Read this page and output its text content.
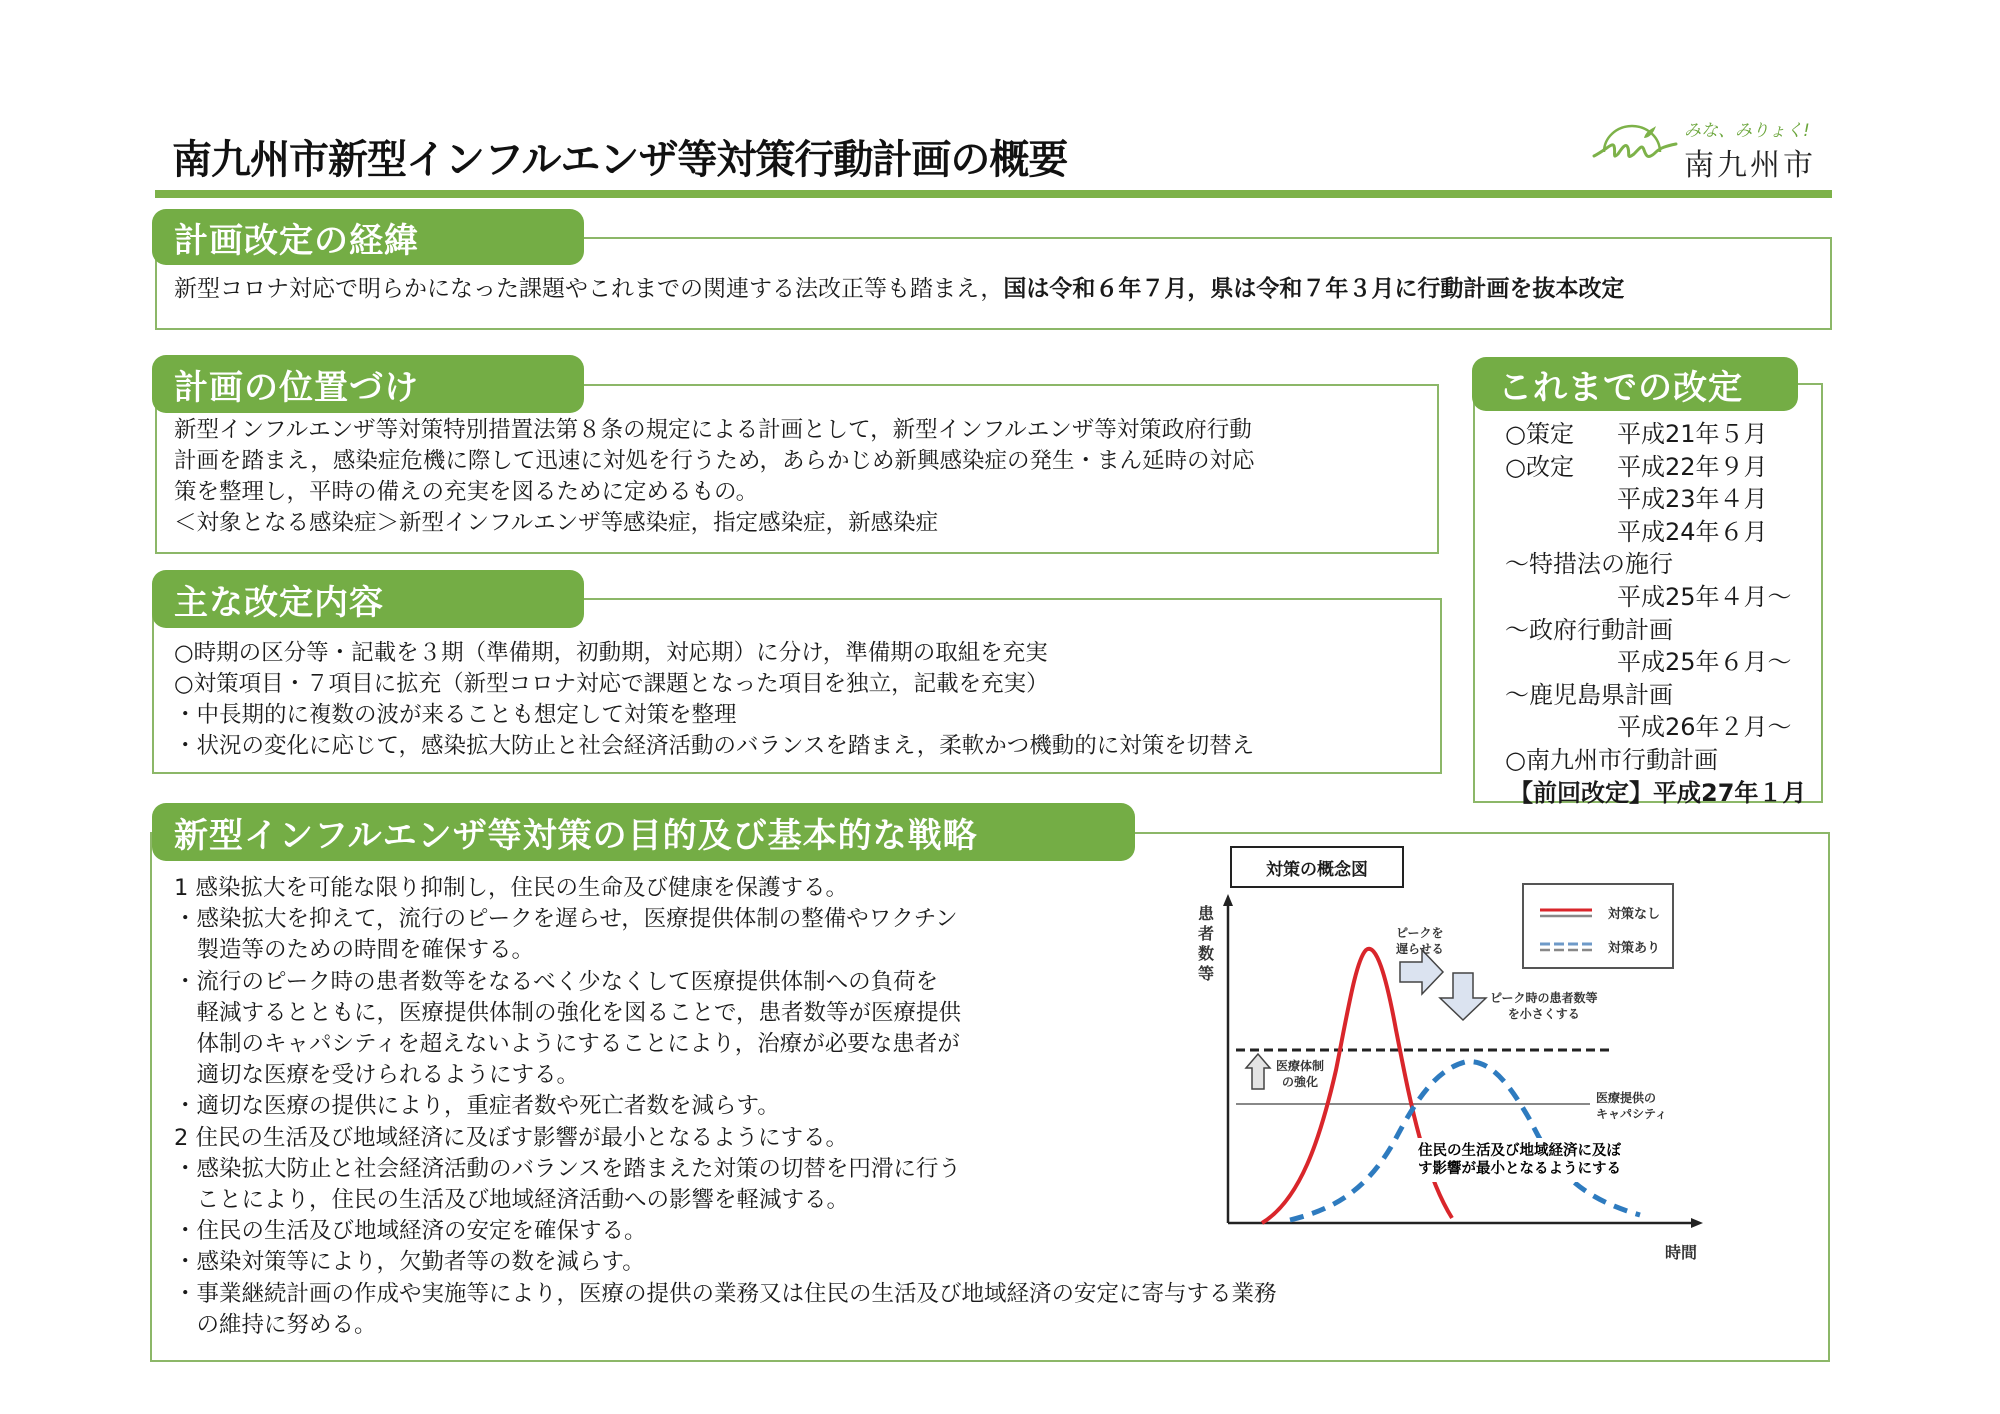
南九州市新型インフルエンザ等対策行動計画の概要
みな、みりょく!
南九州市
計画改定の経緯
新型コロナ対応で明らかになった課題やこれまでの関連する法改正等も踏まえ，国は令和６年７月，県は令和７年３月に行動計画を抜本改定
計画の位置づけ
新型インフルエンザ等対策特別措置法第８条の規定による計画として，新型インフルエンザ等対策政府行動
計画を踏まえ，感染症危機に際して迅速に対処を行うため，あらかじめ新興感染症の発生・まん延時の対応
策を整理し，平時の備えの充実を図るために定めるもの。
＜対象となる感染症＞新型インフルエンザ等感染症，指定感染症，新感染症
主な改定内容
○時期の区分等・記載を３期（準備期，初動期，対応期）に分け，準備期の取組を充実
○対策項目・７項目に拡充（新型コロナ対応で課題となった項目を独立，記載を充実）
・中長期的に複数の波が来ることも想定して対策を整理
・状況の変化に応じて，感染拡大防止と社会経済活動のバランスを踏まえ，柔軟かつ機動的に対策を切替え
これまでの改定
○策定	平成21年５月
○改定	平成22年９月
平成23年４月
平成24年６月
～特措法の施行
平成25年４月～
～政府行動計画
平成25年６月～
～鹿児島県計画
平成26年２月～
○南九州市行動計画
【前回改定】平成27年１月
新型インフルエンザ等対策の目的及び基本的な戦略
1 感染拡大を可能な限り抑制し，住民の生命及び健康を保護する。
・感染拡大を抑えて，流行のピークを遅らせ，医療提供体制の整備やワクチン
　製造等のための時間を確保する。
・流行のピーク時の患者数等をなるべく少なくして医療提供体制への負荷を
　軽減するとともに，医療提供体制の強化を図ることで，患者数等が医療提供
　体制のキャパシティを超えないようにすることにより，治療が必要な患者が
　適切な医療を受けられるようにする。
・適切な医療の提供により，重症者数や死亡者数を減らす。
2 住民の生活及び地域経済に及ぼす影響が最小となるようにする。
・感染拡大防止と社会経済活動のバランスを踏まえた対策の切替を円滑に行う
　ことにより，住民の生活及び地域経済活動への影響を軽減する。
・住民の生活及び地域経済の安定を確保する。
・感染対策等により，欠勤者等の数を減らす。
・事業継続計画の作成や実施等により，医療の提供の業務又は住民の生活及び地域経済の安定に寄与する業務
　の維持に努める。
対策の概念図
患
者
数
等
対策なし
対策あり
ピークを
遅らせる
ピーク時の患者数等
を小さくする
医療体制
の強化
医療提供の
キャパシティ
住民の生活及び地域経済に及ぼ
す影響が最小となるようにする
時間
